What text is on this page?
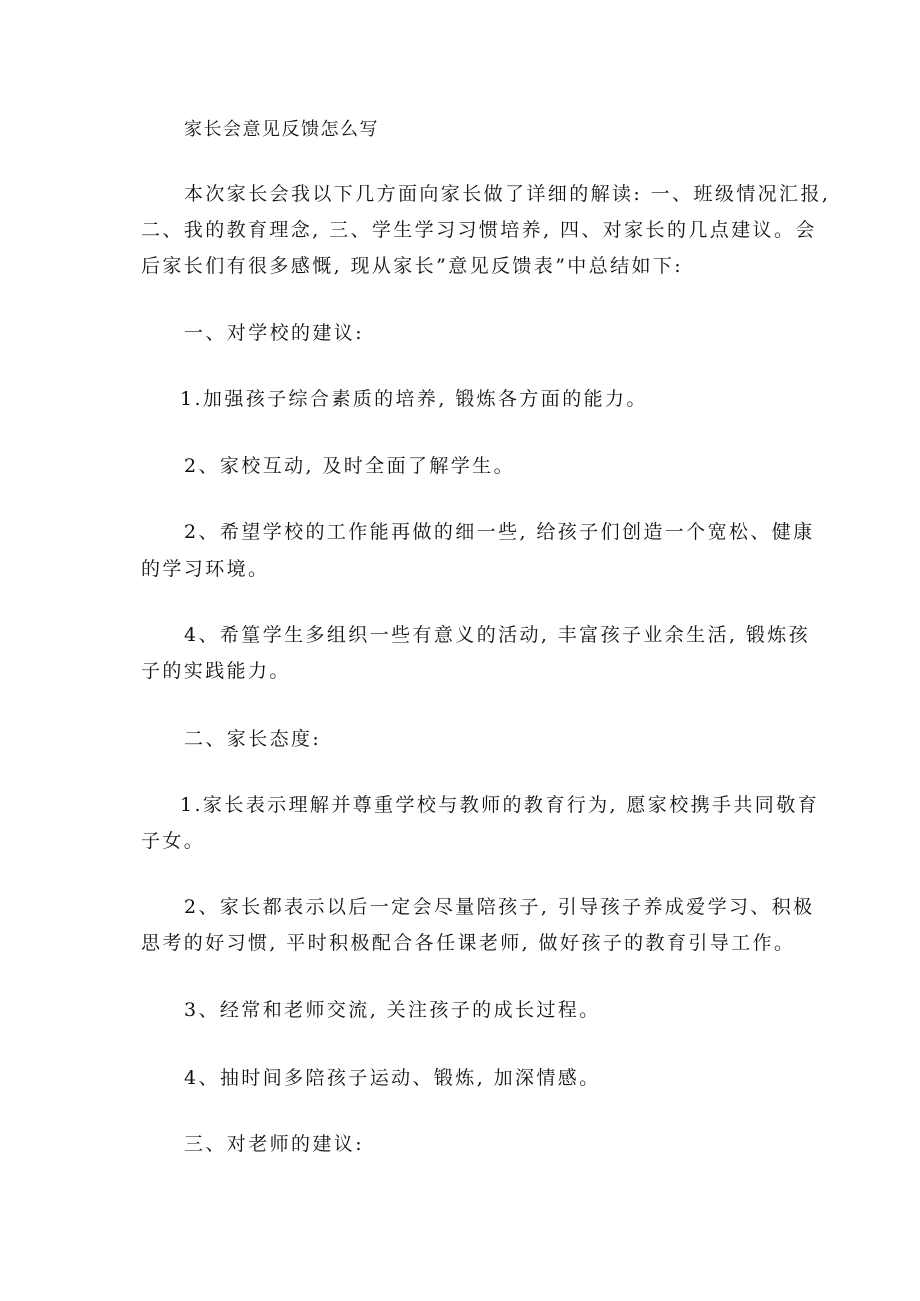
家长会意见反馈怎么写
本次家长会我以下几方面向家长做了详细的解读: 一、班级情况汇报,
二、我的教育理念, 三、学生学习习惯培养, 四、对家长的几点建议。会
后家长们有很多感慨, 现从家长”意见反馈表”中总结如下:
一、对学校的建议:
1.加强孩子综合素质的培养, 锻炼各方面的能力。
2、家校互动, 及时全面了解学生。
2、希望学校的工作能再做的细一些, 给孩子们创造一个宽松、健康
的学习环境。
4、希篁学生多组织一些有意义的活动, 丰富孩子业余生活, 锻炼孩
子的实践能力。
二、家长态度:
1.家长表示理解并尊重学校与教师的教育行为, 愿家校携手共同敬育
子女。
2、家长都表示以后一定会尽量陪孩子, 引导孩子养成爱学习、积极
思考的好习惯, 平时积极配合各任课老师, 做好孩子的教育引导工作。
3、经常和老师交流, 关注孩子的成长过程。
4、抽时间多陪孩子运动、锻炼, 加深情感。
三、对老师的建议:
